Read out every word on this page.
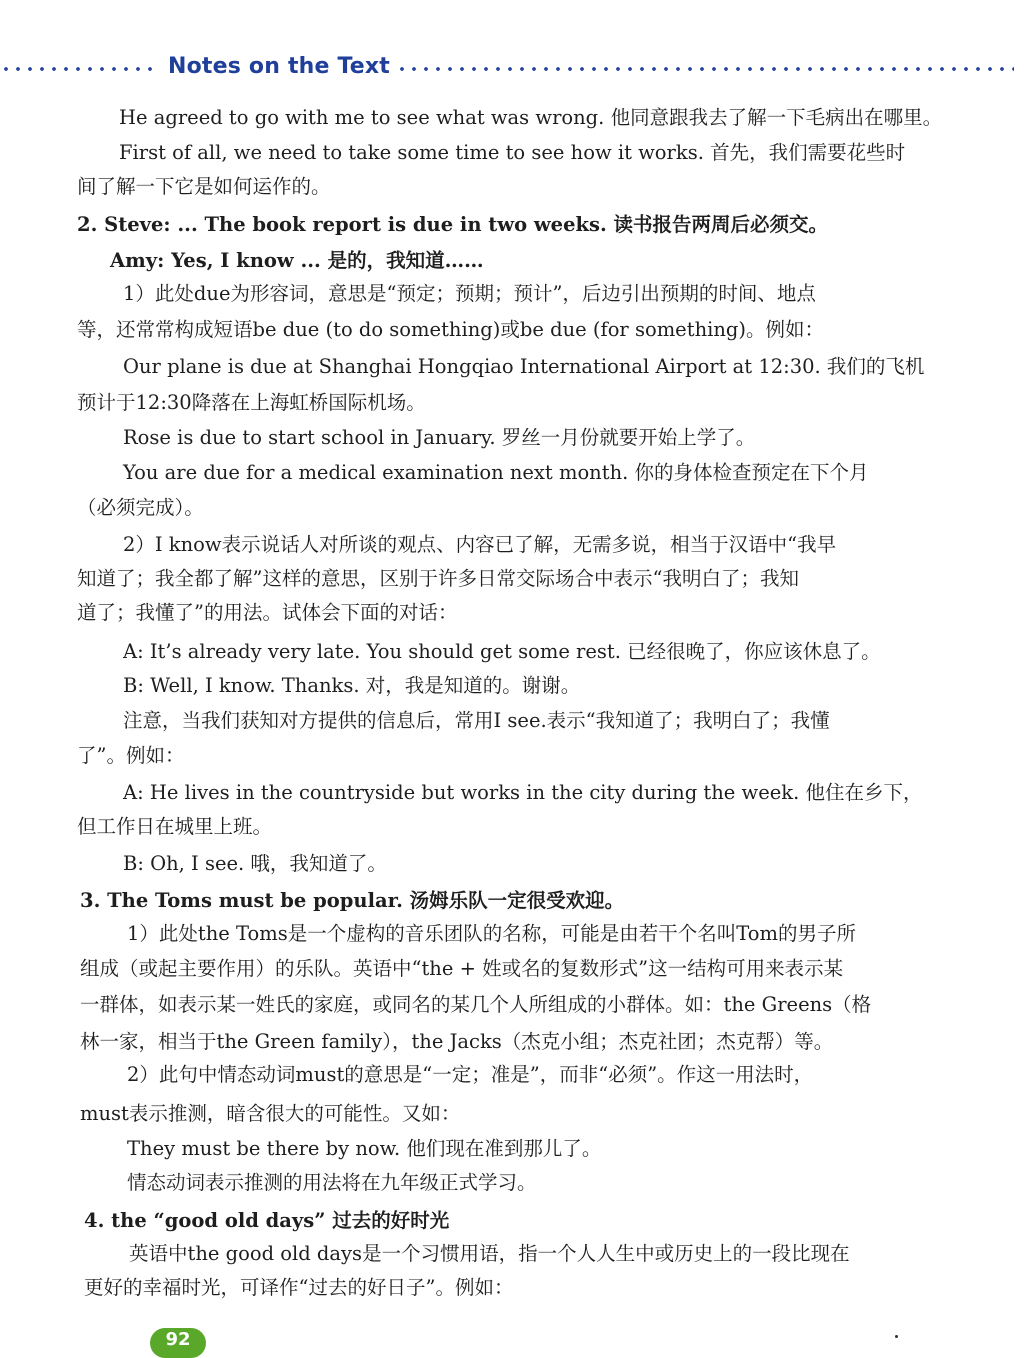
Notes on the Text
He agreed to go with me to see what was wrong. 他同意跟我去了解一下毛病出在哪里。
First of all, we need to take some time to see how it works. 首先，我们需要花些时
间了解一下它是如何运作的。
2. Steve: ... The book report is due in two weeks. 读书报告两周后必须交。
Amy: Yes, I know ... 是的，我知道……
1）此处due为形容词，意思是“预定；预期；预计”，后边引出预期的时间、地点
等，还常常构成短语be due (to do something)或be due (for something)。例如：
Our plane is due at Shanghai Hongqiao International Airport at 12:30. 我们的飞机
预计于12:30降落在上海虹桥国际机场。
Rose is due to start school in January. 罗丝一月份就要开始上学了。
You are due for a medical examination next month. 你的身体检查预定在下个月
（必须完成）。
2）I know表示说话人对所谈的观点、内容已了解，无需多说，相当于汉语中“我早
知道了；我全都了解”这样的意思，区别于许多日常交际场合中表示“我明白了；我知
道了；我懂了”的用法。试体会下面的对话：
A: It’s already very late. You should get some rest. 已经很晚了，你应该休息了。
B: Well, I know. Thanks. 对，我是知道的。谢谢。
注意，当我们获知对方提供的信息后，常用I see.表示“我知道了；我明白了；我懂
了”。例如：
A: He lives in the countryside but works in the city during the week. 他住在乡下，
但工作日在城里上班。
B: Oh, I see. 哦，我知道了。
3. The Toms must be popular. 汤姆乐队一定很受欢迎。
1）此处the Toms是一个虚构的音乐团队的名称，可能是由若干个名叫Tom的男子所
组成（或起主要作用）的乐队。英语中“the + 姓或名的复数形式”这一结构可用来表示某
一群体，如表示某一姓氏的家庭，或同名的某几个人所组成的小群体。如：the Greens（格
林一家，相当于the Green family），the Jacks（杰克小组；杰克社团；杰克帮）等。
2）此句中情态动词must的意思是“一定；准是”，而非“必须”。作这一用法时，
must表示推测，暗含很大的可能性。又如：
They must be there by now. 他们现在准到那儿了。
情态动词表示推测的用法将在九年级正式学习。
4. the “good old days” 过去的好时光
英语中the good old days是一个习惯用语，指一个人人生中或历史上的一段比现在
更好的幸福时光，可译作“过去的好日子”。例如：
92
